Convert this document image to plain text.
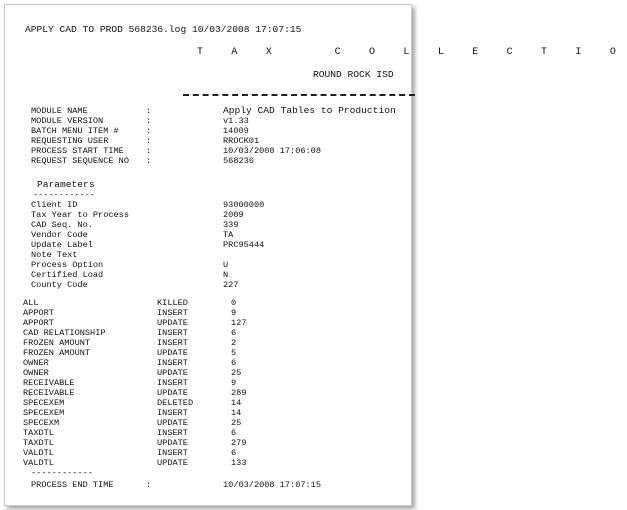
APPLY CAD TO PROD 568236.log 10/03/2008 17:07:15
T A X   C O L L E C T I O
ROUND ROCK ISD
MODULE NAME	:	Apply CAD Tables to Production
MODULE VERSION	:	v1.33
BATCH MENU ITEM #	:	14009
REQUESTING USER	:	RROCK01
PROCESS START TIME	:	10/03/2008 17:06:08
REQUEST SEQUENCE NO :	568236
Parameters
------------
Client ID	93000000
Tax Year to Process	2009
CAD Seq. No.	339
Vendor Code	TA
Update Label	PRC95444
Note Text
Process Option	U
Certified Load	N
County Code	227
ALL	KILLED	0
APPORT	INSERT	9
APPORT	UPDATE	127
CAD RELATIONSHIP	INSERT	6
FROZEN AMOUNT	INSERT	2
FROZEN AMOUNT	UPDATE	5
OWNER	INSERT	6
OWNER	UPDATE	25
RECEIVABLE	INSERT	9
RECEIVABLE	UPDATE	289
SPECEXEM	DELETED	14
SPECEXEM	INSERT	14
SPECEXM	UPDATE	25
TAXDTL	INSERT	6
TAXDTL	UPDATE	279
VALDTL	INSERT	6
VALDTL	UPDATE	133
------------
PROCESS END TIME	:	10/03/2008 17:07:15
